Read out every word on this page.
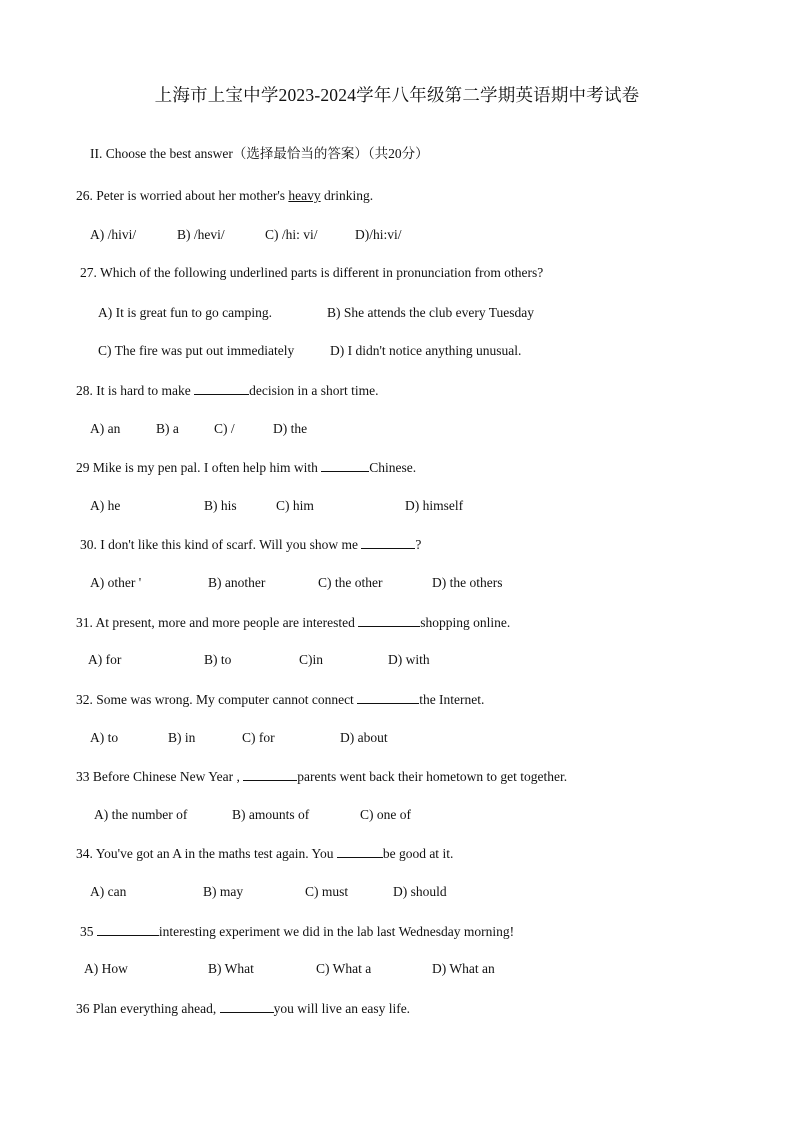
上海市上宝中学2023-2024学年八年级第二学期英语期中考试卷
II. Choose the best answer（选择最恰当的答案）（共20分）
26. Peter is worried about her mother's heavy drinking.
A) /hivi/	B) /hevi/	C) /hi: vi/	D)/hi:vi/
27. Which of the following underlined parts is different in pronunciation from others?
A) It is great fun to go camping.	B) She attends the club every Tuesday
C) The fire was put out immediately	D) I didn't notice anything unusual.
28. It is hard to make	decision in a short time.
A) an	B) a	C) /	D) the
29 Mike is my pen pal. I often help him with	Chinese.
A) he	B) his	C) him	D) himself
30. I don't like this kind of scarf. Will you show me	?
A) other '	B) another	C) the other	D) the others
31. At present, more and more people are interested	shopping online.
A) for	B) to	C)in	D) with
32. Some was wrong. My computer cannot connect	the Internet.
A) to	B) in	C) for	D) about
33 Before Chinese New Year ,	parents went back their hometown to get together.
A) the number of	B) amounts of	C) one of
34. You've got an A in the maths test again. You	be good at it.
A) can	B) may	C) must	D) should
35	interesting experiment we did in the lab last Wednesday morning!
A) How	B) What	C) What a	D) What an
36 Plan everything ahead,	you will live an easy life.
